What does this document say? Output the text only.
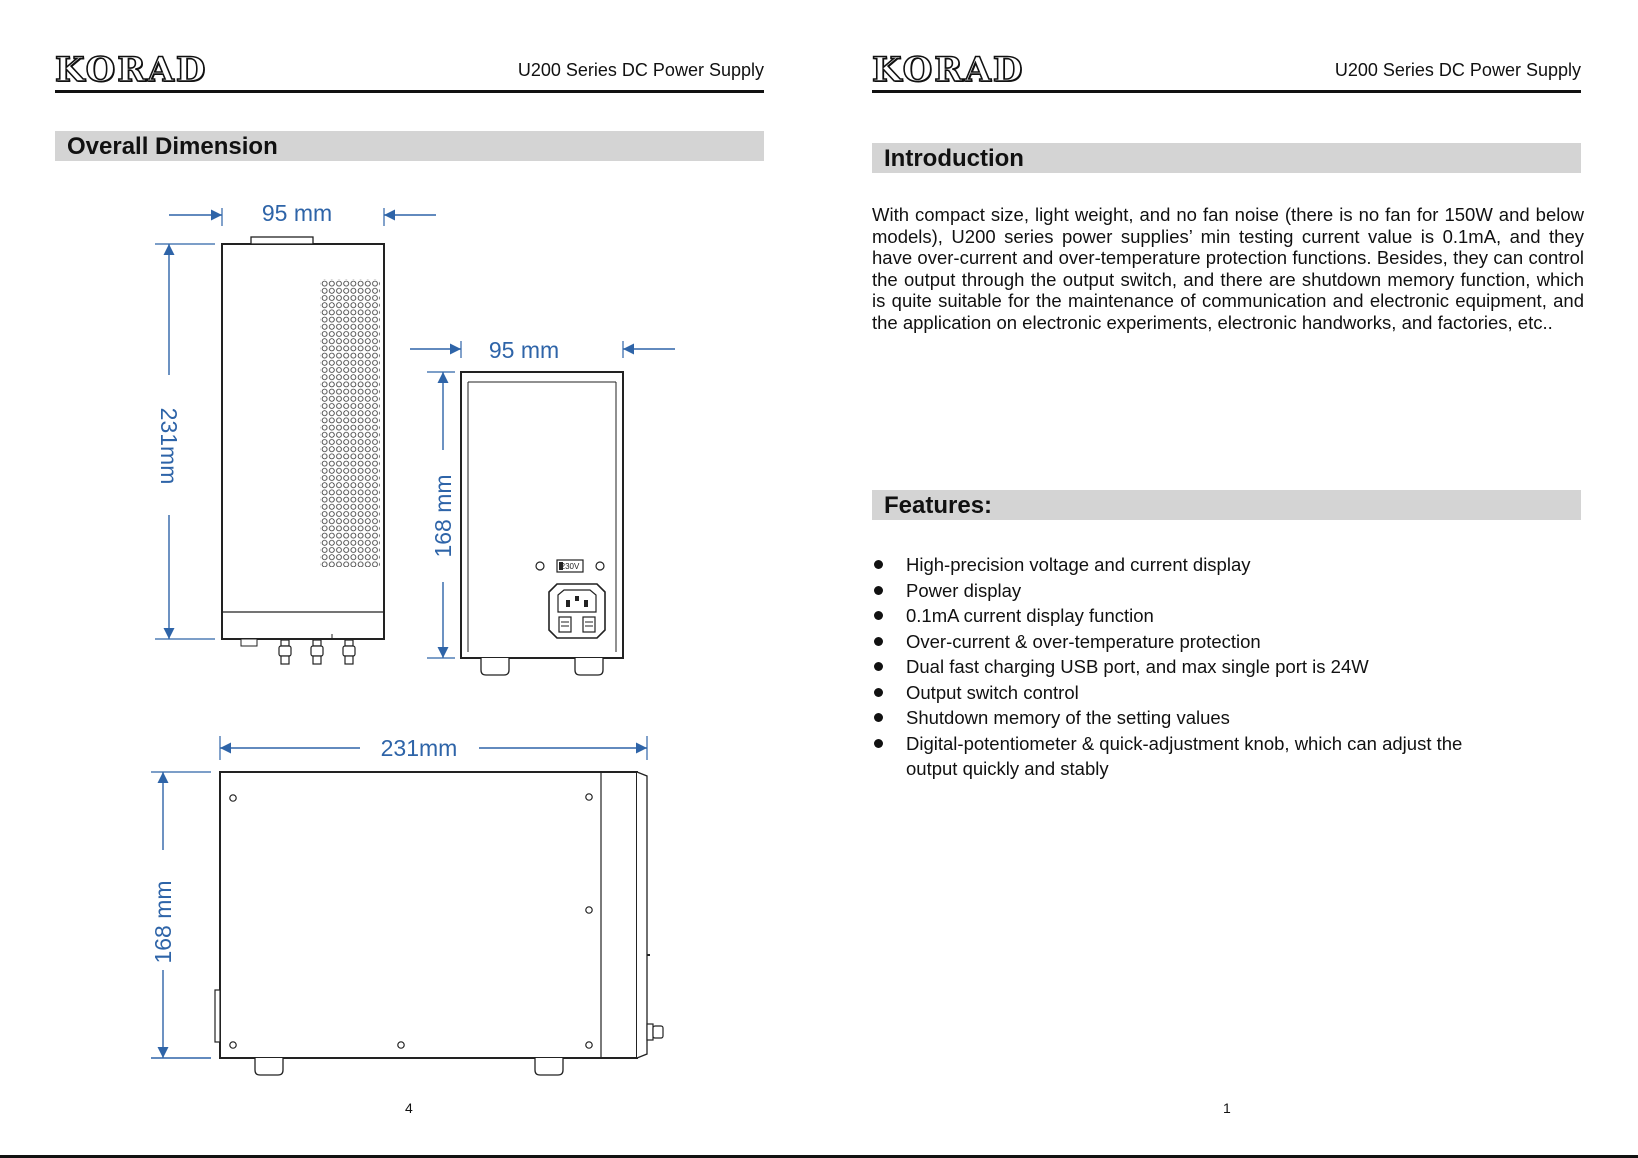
KORAD	U200 Series DC Power Supply
Overall Dimension
95 mm
231mm
230V
95 mm
168 mm
231mm
168 mm
4
KORAD	U200 Series DC Power Supply
Introduction

With compact size, light weight, and no fan noise (there is no fan for 150W and below models), U200 series power supplies’ min testing current value is 0.1mA, and they have over-current and over-temperature protection functions. Besides, they can control the output through the output switch, and there are shutdown memory function, which is quite suitable for the maintenance of communication and electronic equipment, and the application on electronic experiments, electronic handworks, and factories, etc..

Features:
High-precision voltage and current display
Power display
0.1mA current display function
Over-current & over-temperature protection
Dual fast charging USB port, and max single port is 24W
Output switch control
Shutdown memory of the setting values
Digital-potentiometer & quick-adjustment knob, which can adjust the output quickly and stably
1
